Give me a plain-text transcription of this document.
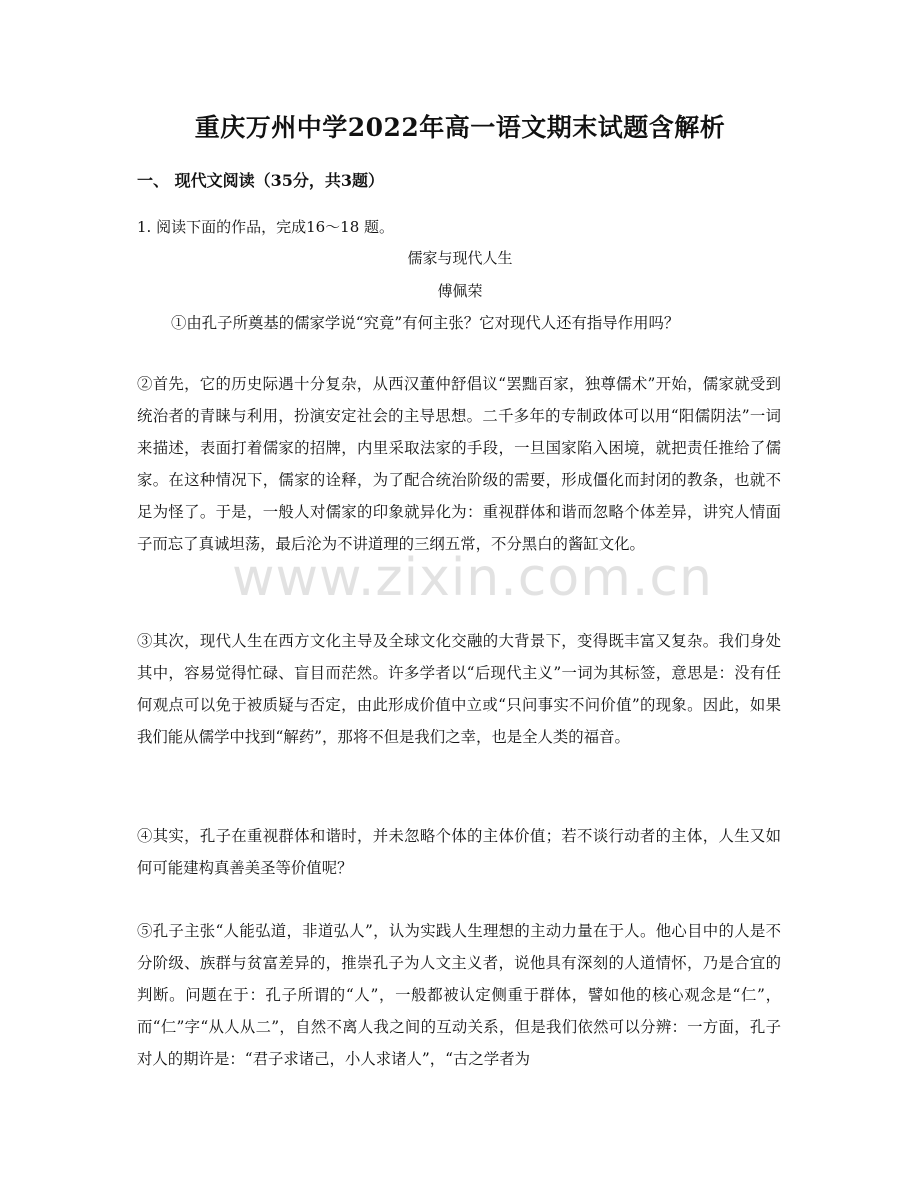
重庆万州中学2022年高一语文期末试题含解析

一、 现代文阅读（35分，共3题）

1. 阅读下面的作品，完成16～18 题。

儒家与现代人生

傅佩荣

①由孔子所奠基的儒家学说“究竟”有何主张？它对现代人还有指导作用吗？

②首先，它的历史际遇十分复杂，从西汉董仲舒倡议“罢黜百家，独尊儒术”开始，儒家就受到统治者的青睐与利用，扮演安定社会的主导思想。二千多年的专制政体可以用“阳儒阴法”一词来描述，表面打着儒家的招牌，内里采取法家的手段，一旦国家陷入困境，就把责任推给了儒家。在这种情况下，儒家的诠释，为了配合统治阶级的需要，形成僵化而封闭的教条，也就不足为怪了。于是，一般人对儒家的印象就异化为：重视群体和谐而忽略个体差异，讲究人情面子而忘了真诚坦荡，最后沦为不讲道理的三纲五常，不分黑白的酱缸文化。

③其次，现代人生在西方文化主导及全球文化交融的大背景下，变得既丰富又复杂。我们身处其中，容易觉得忙碌、盲目而茫然。许多学者以“后现代主义”一词为其标签，意思是：没有任何观点可以免于被质疑与否定，由此形成价值中立或“只问事实不问价值”的现象。因此，如果我们能从儒学中找到“解药”，那将不但是我们之幸，也是全人类的福音。

④其实，孔子在重视群体和谐时，并未忽略个体的主体价值；若不谈行动者的主体，人生又如何可能建构真善美圣等价值呢？

⑤孔子主张“人能弘道，非道弘人”，认为实践人生理想的主动力量在于人。他心目中的人是不分阶级、族群与贫富差异的，推崇孔子为人文主义者，说他具有深刻的人道情怀，乃是合宜的判断。问题在于：孔子所谓的“人”，一般都被认定侧重于群体，譬如他的核心观念是“仁”，而“仁”字“从人从二”，自然不离人我之间的互动关系，但是我们依然可以分辨：一方面，孔子对人的期许是：“君子求诸己，小人求诸人”，“古之学者为

www.zixin.com.cn
